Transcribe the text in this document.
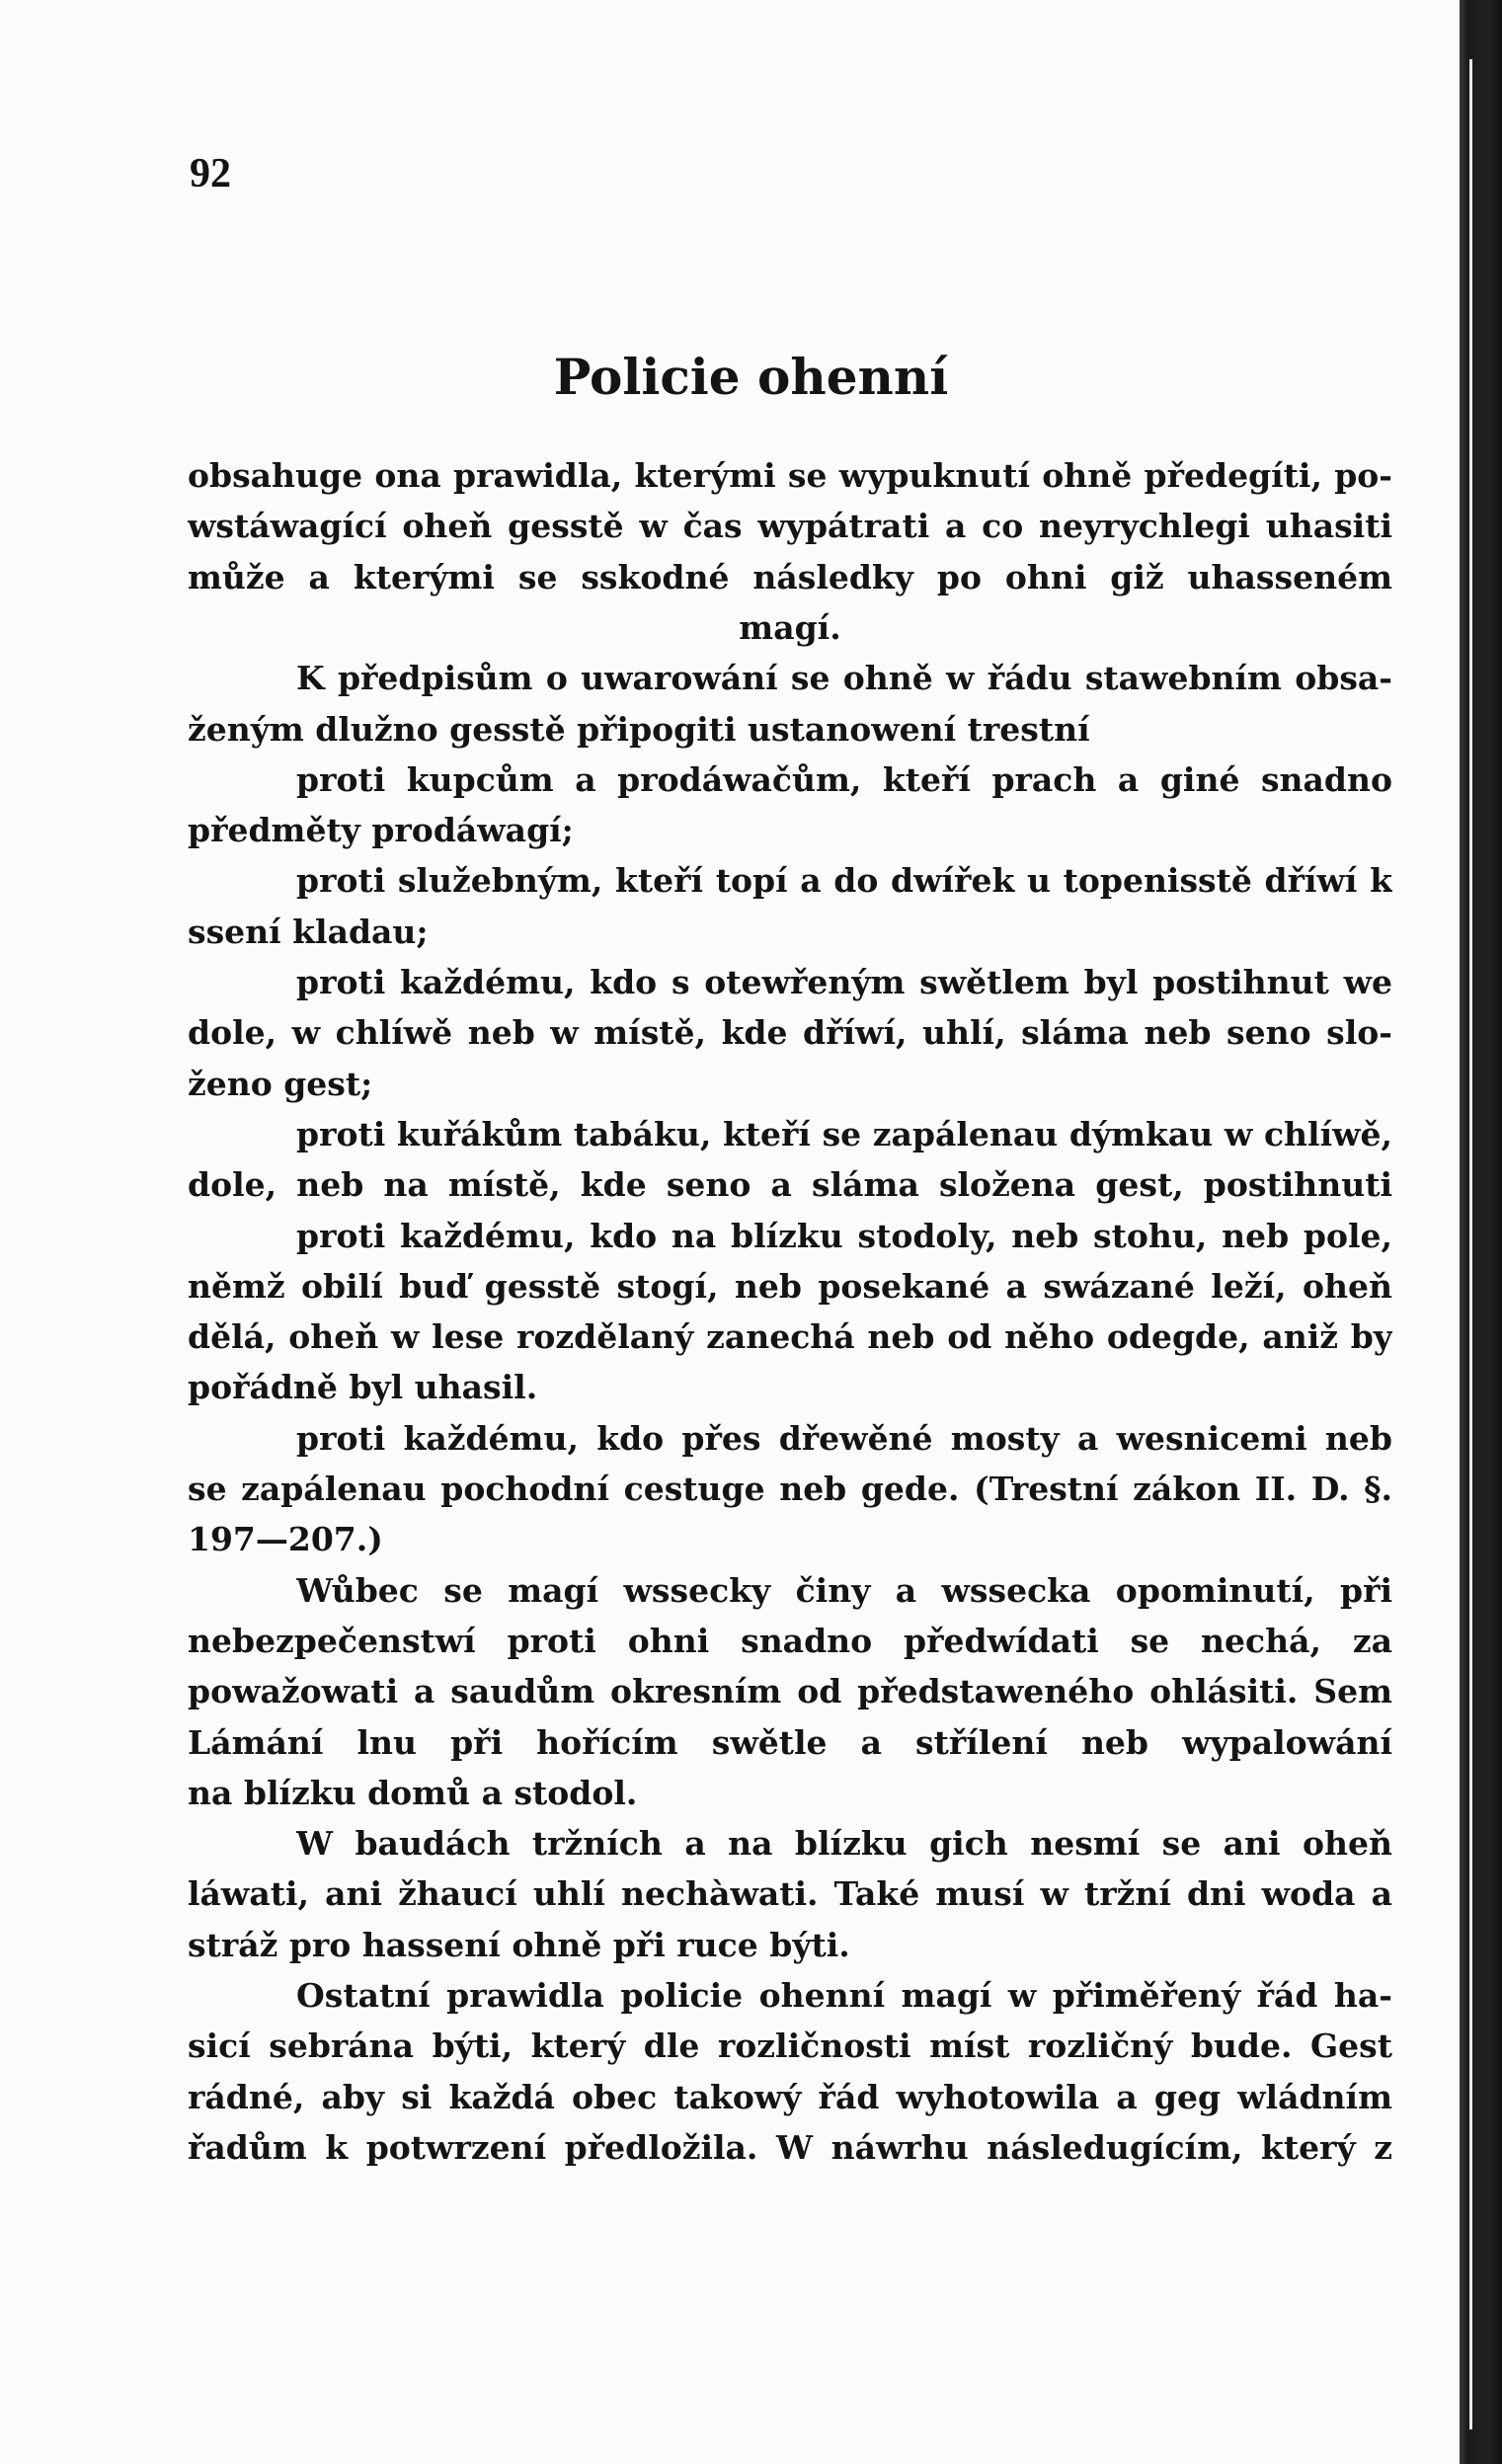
92
Policie ohenní
obsahuge ona prawidla, kterými se wypuknutí ohně předegíti, po-
wstáwagící oheň gesstě w čas wypátrati a co neyrychlegi uhasiti
může a kterými se sskodné následky po ohni giž uhasseném
magí.
K předpisům o uwarowání se ohně w řádu stawebním obsa-
ženým dlužno gesstě připogiti ustanowení trestní
proti kupcům a prodáwačům, kteří prach a giné snadno
předměty prodáwagí;
proti služebným, kteří topí a do dwířek u topenisstě dříwí k
ssení kladau;
proti každému, kdo s otewřeným swětlem byl postihnut we
dole, w chlíwě neb w místě, kde dříwí, uhlí, sláma neb seno slo-
ženo gest;
proti kuřákům tabáku, kteří se zapálenau dýmkau w chlíwě,
dole, neb na místě, kde seno a sláma složena gest, postihnuti
proti každému, kdo na blízku stodoly, neb stohu, neb pole,
němž obilí buď gesstě stogí, neb posekané a swázané leží, oheň
dělá, oheň w lese rozdělaný zanechá neb od něho odegde, aniž by
pořádně byl uhasil.
proti každému, kdo přes dřewěné mosty a wesnicemi neb
se zapálenau pochodní cestuge neb gede. (Trestní zákon II. D. §.
197—207.)
Wůbec se magí wssecky činy a wssecka opominutí, při
nebezpečenstwí proti ohni snadno předwídati se nechá, za
powažowati a saudům okresním od předstaweného ohlásiti. Sem
Lámání lnu při hořícím swětle a střílení neb wypalowání
na blízku domů a stodol.
W baudách tržních a na blízku gich nesmí se ani oheň
láwati, ani žhaucí uhlí nechàwati. Také musí w tržní dni woda a
stráž pro hassení ohně při ruce býti.
Ostatní prawidla policie ohenní magí w přiměřený řád ha-
sicí sebrána býti, který dle rozličnosti míst rozličný bude. Gest
rádné, aby si každá obec takowý řád wyhotowila a geg wládním
řadům k potwrzení předložila. W náwrhu následugícím, který z
